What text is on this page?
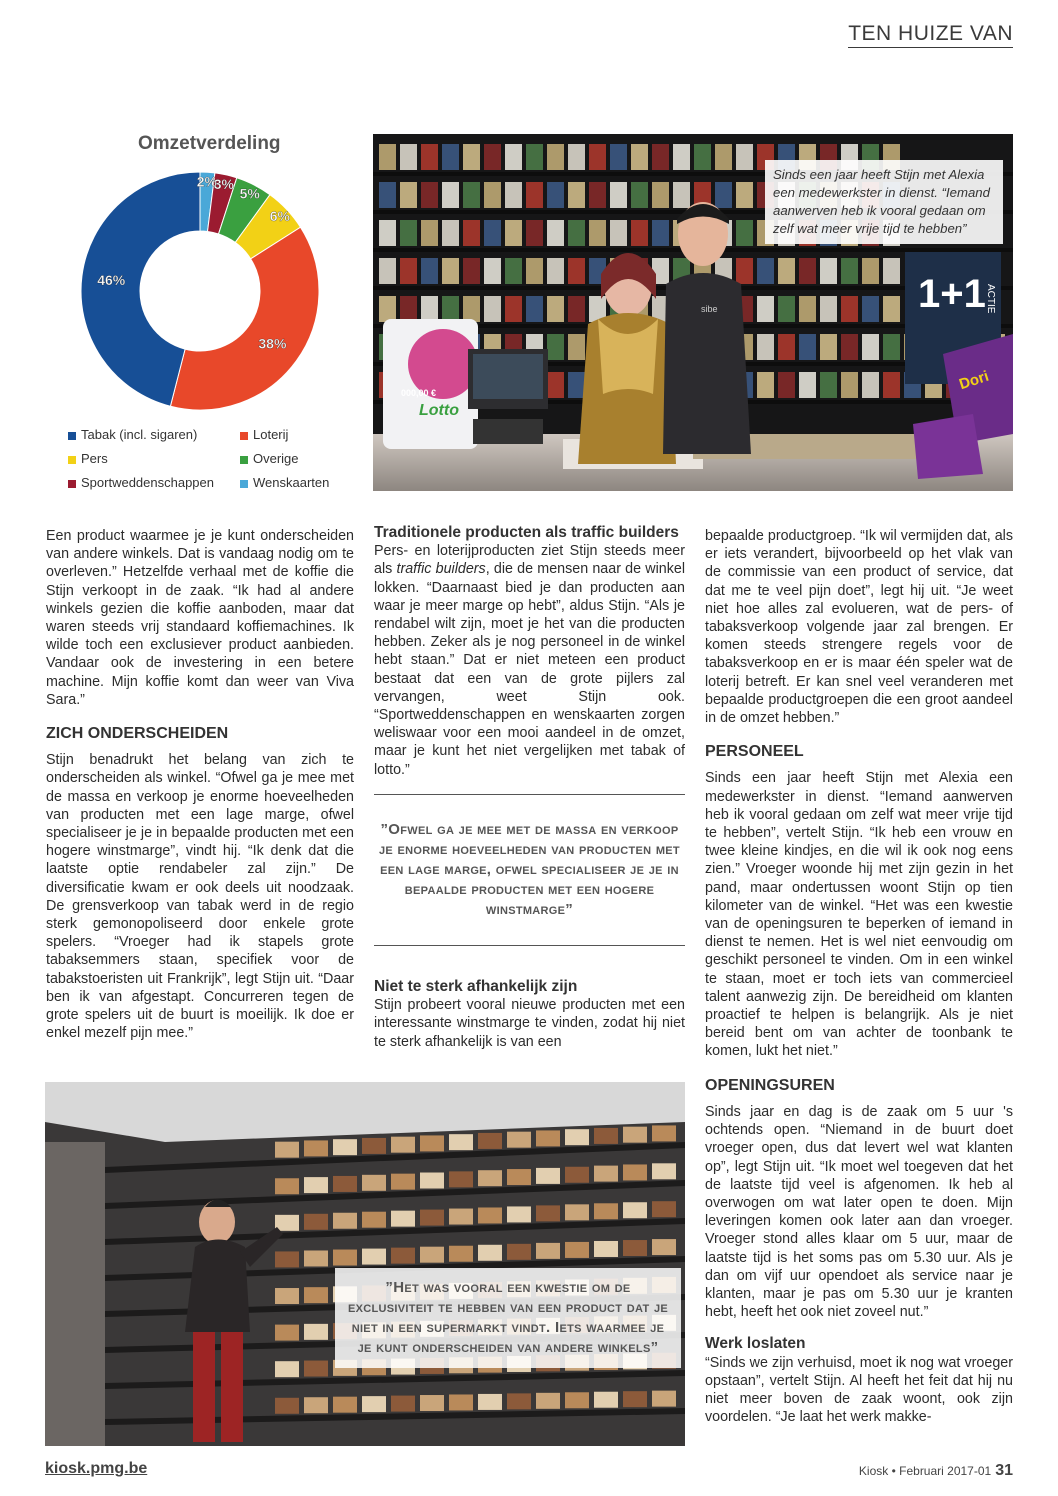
TEN HUIZE VAN
Omzetverdeling
2%
3%
5%
6%
38%
46%
Tabak (incl. sigaren)	Loterij
Pers	Overige
Sportweddenschappen	Wenskaarten
1+1 ACTIE
Lotto
000,00 €
sibe
Dori
Sinds een jaar heeft Stijn met Alexia een medewerkster in dienst. “Iemand aanwerven heb ik vooral gedaan om zelf wat meer vrije tijd te hebben”

Een product waarmee je je kunt onderscheiden van andere winkels. Dat is vandaag nodig om te overleven.” Hetzelfde verhaal met de koffie die Stijn verkoopt in de zaak. “Ik had al andere winkels gezien die koffie aanboden, maar dat waren steeds vrij standaard koffiemachines. Ik wilde toch een exclusiever product aanbieden. Vandaar ook de investering in een betere machine. Mijn koffie komt dan weer van Viva Sara.”

ZICH ONDERSCHEIDEN

Stijn benadrukt het belang van zich te onderscheiden als winkel. “Ofwel ga je mee met de massa en verkoop je enorme hoeveelheden van producten met een lage marge, ofwel specialiseer je je in bepaalde producten met een hogere winstmarge”, vindt hij. “Ik denk dat die laatste optie rendabeler zal zijn.” De diversificatie kwam er ook deels uit noodzaak. De grensverkoop van tabak werd in de regio sterk gemonopoliseerd door enkele grote spelers. “Vroeger had ik stapels grote tabaksemmers staan, specifiek voor de tabakstoeristen uit Frankrijk”, legt Stijn uit. “Daar ben ik van afgestapt. Concurreren tegen de grote spelers uit de buurt is moeilijk. Ik doe er enkel mezelf pijn mee.”

Traditionele producten als traffic builders

Pers- en loterijproducten ziet Stijn steeds meer als traffic builders, die de mensen naar de winkel lokken. “Daarnaast bied je dan producten aan waar je meer marge op hebt”, aldus Stijn. “Als je rendabel wilt zijn, moet je het van die producten hebben. Zeker als je nog personeel in de winkel hebt staan.” Dat er niet meteen een product bestaat dat een van de grote pijlers zal vervangen, weet Stijn ook. “Sportweddenschappen en wenskaarten zorgen weliswaar voor een mooi aandeel in de omzet, maar je kunt het niet vergelijken met tabak of lotto.”

”Ofwel ga je mee met de massa en verkoop je enorme hoeveelheden van producten met een lage marge, ofwel specialiseer je je in bepaalde producten met een hogere winstmarge”
Niet te sterk afhankelijk zijn

Stijn probeert vooral nieuwe producten met een interessante winstmarge te vinden, zodat hij niet te sterk afhankelijk is van een

bepaalde productgroep. “Ik wil vermijden dat, als er iets verandert, bijvoorbeeld op het vlak van de commissie van een product of service, dat dat me te veel pijn doet”, legt hij uit. “Je weet niet hoe alles zal evolueren, wat de pers- of tabaksverkoop volgende jaar zal brengen. Er komen steeds strengere regels voor de tabaksverkoop en er is maar één speler wat de loterij betreft. Er kan snel veel veranderen met bepaalde productgroepen die een groot aandeel in de omzet hebben.”

PERSONEEL

Sinds een jaar heeft Stijn met Alexia een medewerkster in dienst. “Iemand aanwerven heb ik vooral gedaan om zelf wat meer vrije tijd te hebben”, vertelt Stijn. “Ik heb een vrouw en twee kleine kindjes, en die wil ik ook nog eens zien.” Vroeger woonde hij met zijn gezin in het pand, maar ondertussen woont Stijn op tien kilometer van de winkel. “Het was een kwestie van de openingsuren te beperken of iemand in dienst te nemen. Het is wel niet eenvoudig om geschikt personeel te vinden. Om in een winkel te staan, moet er toch iets van commercieel talent aanwezig zijn. De bereidheid om klanten proactief te helpen is belangrijk. Als je niet bereid bent om van achter de toonbank te komen, lukt het niet.”

OPENINGSUREN

Sinds jaar en dag is de zaak om 5 uur 's ochtends open. “Niemand in de buurt doet vroeger open, dus dat levert wel wat klanten op”, legt Stijn uit. “Ik moet wel toegeven dat het de laatste tijd veel is afgenomen. Ik heb al overwogen om wat later open te doen. Mijn leveringen komen ook later aan dan vroeger. Vroeger stond alles klaar om 5 uur, maar de laatste tijd is het soms pas om 5.30 uur. Als je dan om vijf uur opendoet als service naar je klanten, maar je pas om 5.30 uur je kranten hebt, heeft het ook niet zoveel nut.”

Werk loslaten

“Sinds we zijn verhuisd, moet ik nog wat vroeger opstaan”, vertelt Stijn. Al heeft het feit dat hij nu niet meer boven de zaak woont, ook zijn voordelen. “Je laat het werk makke-

”Het was vooral een kwestie om de exclusiviteit te hebben van een product dat je niet in een supermarkt vindt. Iets waarmee je je kunt onderscheiden van andere winkels”
kiosk.pmg.be	Kiosk • Februari 2017-01 31
